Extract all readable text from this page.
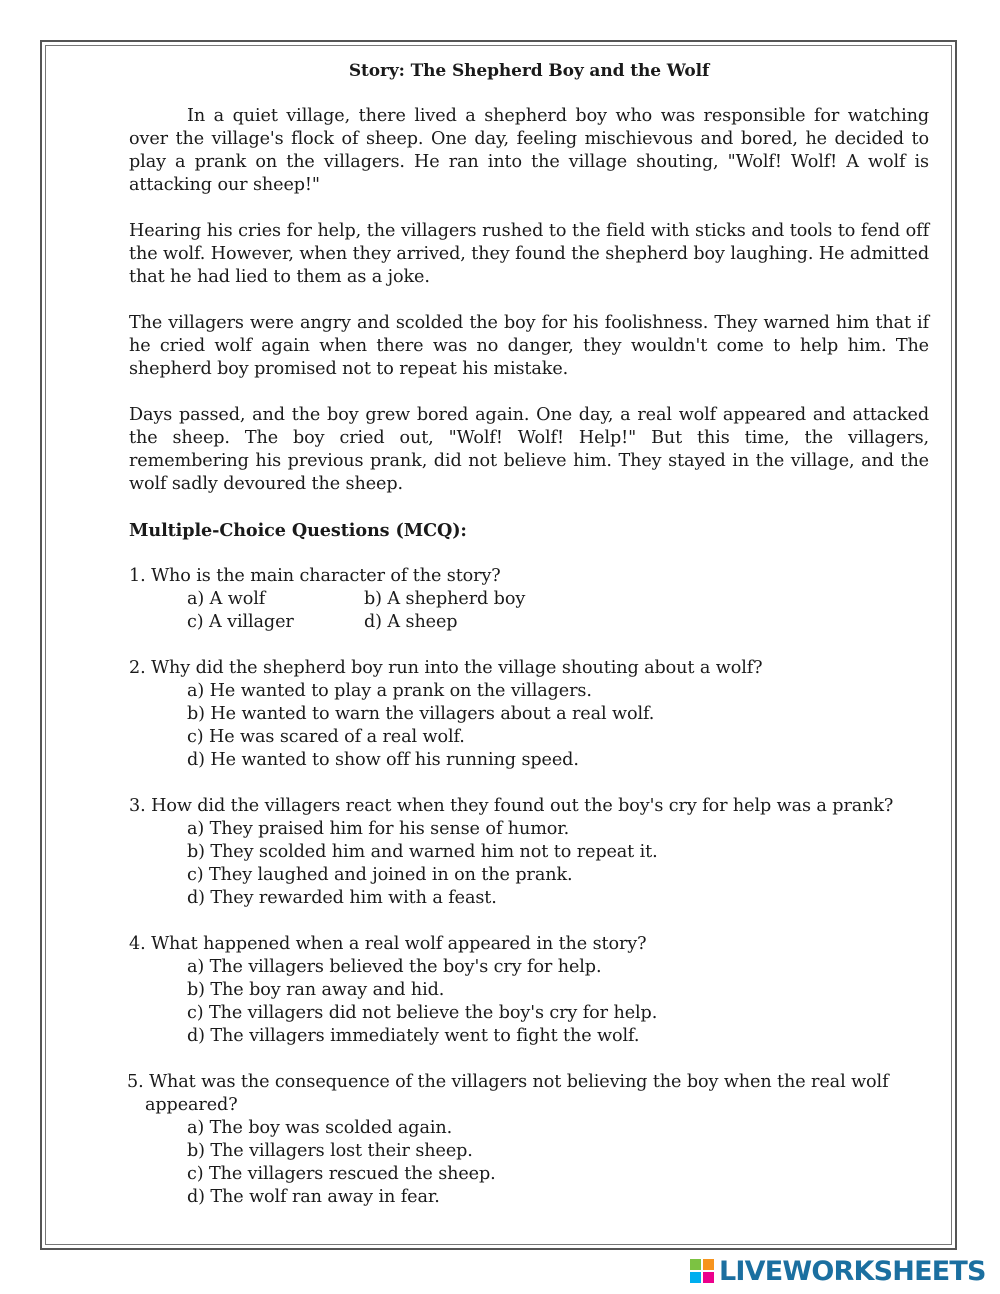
Story: The Shepherd Boy and the Wolf

In a quiet village, there lived a shepherd boy who was responsible for watching over the village's flock of sheep. One day, feeling mischievous and bored, he decided to play a prank on the villagers. He ran into the village shouting, "Wolf! Wolf! A wolf is attacking our sheep!"

Hearing his cries for help, the villagers rushed to the field with sticks and tools to fend off the wolf. However, when they arrived, they found the shepherd boy laughing. He admitted that he had lied to them as a joke.

The villagers were angry and scolded the boy for his foolishness. They warned him that if he cried wolf again when there was no danger, they wouldn't come to help him. The shepherd boy promised not to repeat his mistake.

Days passed, and the boy grew bored again. One day, a real wolf appeared and attacked the sheep. The boy cried out, "Wolf! Wolf! Help!" But this time, the villagers, remembering his previous prank, did not believe him. They stayed in the village, and the wolf sadly devoured the sheep.

Multiple-Choice Questions (MCQ):
1. Who is the main character of the story?
a) A wolf	b) A shepherd boy
c) A villager	d) A sheep
2. Why did the shepherd boy run into the village shouting about a wolf?
a) He wanted to play a prank on the villagers.
b) He wanted to warn the villagers about a real wolf.
c) He was scared of a real wolf.
d) He wanted to show off his running speed.
3. How did the villagers react when they found out the boy's cry for help was a prank?
a) They praised him for his sense of humor.
b) They scolded him and warned him not to repeat it.
c) They laughed and joined in on the prank.
d) They rewarded him with a feast.
4. What happened when a real wolf appeared in the story?
a) The villagers believed the boy's cry for help.
b) The boy ran away and hid.
c) The villagers did not believe the boy's cry for help.
d) The villagers immediately went to fight the wolf.
5. What was the consequence of the villagers not believing the boy when the real wolf appeared?
a) The boy was scolded again.
b) The villagers lost their sheep.
c) The villagers rescued the sheep.
d) The wolf ran away in fear.
LIVEWORKSHEETS
